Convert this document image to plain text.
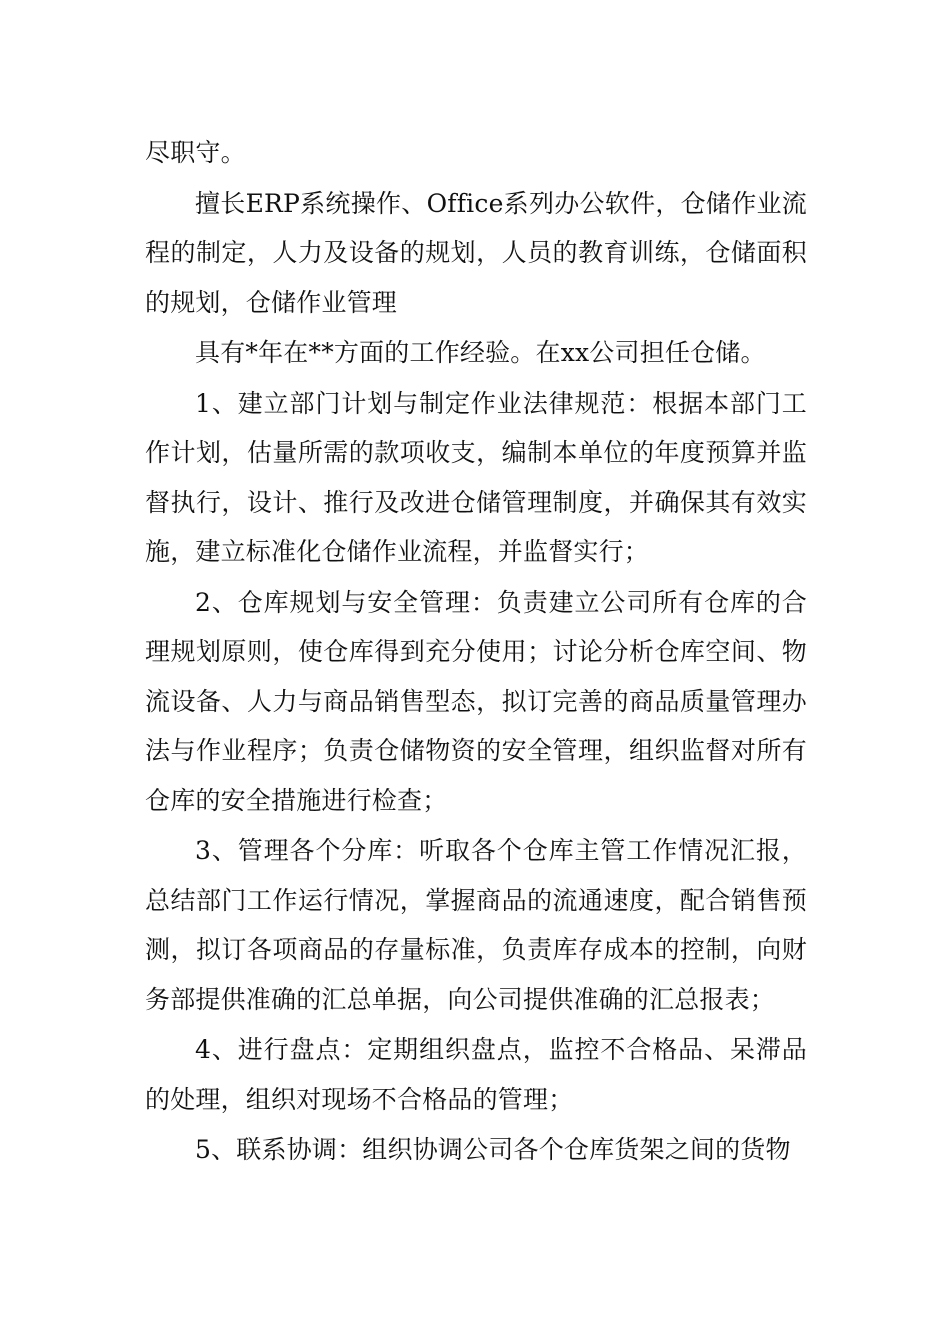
尽职守。

擅长ERP系统操作、Office系列办公软件，仓储作业流程的制定，人力及设备的规划，人员的教育训练，仓储面积的规划，仓储作业管理

具有*年在**方面的工作经验。在xx公司担任仓储。

1、建立部门计划与制定作业法律规范：根据本部门工作计划，估量所需的款项收支，编制本单位的年度预算并监督执行，设计、推行及改进仓储管理制度，并确保其有效实施，建立标准化仓储作业流程，并监督实行；

2、仓库规划与安全管理：负责建立公司所有仓库的合理规划原则，使仓库得到充分使用；讨论分析仓库空间、物流设备、人力与商品销售型态，拟订完善的商品质量管理办法与作业程序；负责仓储物资的安全管理，组织监督对所有仓库的安全措施进行检查；

3、管理各个分库：听取各个仓库主管工作情况汇报，总结部门工作运行情况，掌握商品的流通速度，配合销售预测，拟订各项商品的存量标准，负责库存成本的控制，向财务部提供准确的汇总单据，向公司提供准确的汇总报表；

4、进行盘点：定期组织盘点，监控不合格品、呆滞品的处理，组织对现场不合格品的管理；

5、联系协调：组织协调公司各个仓库货架之间的货物
